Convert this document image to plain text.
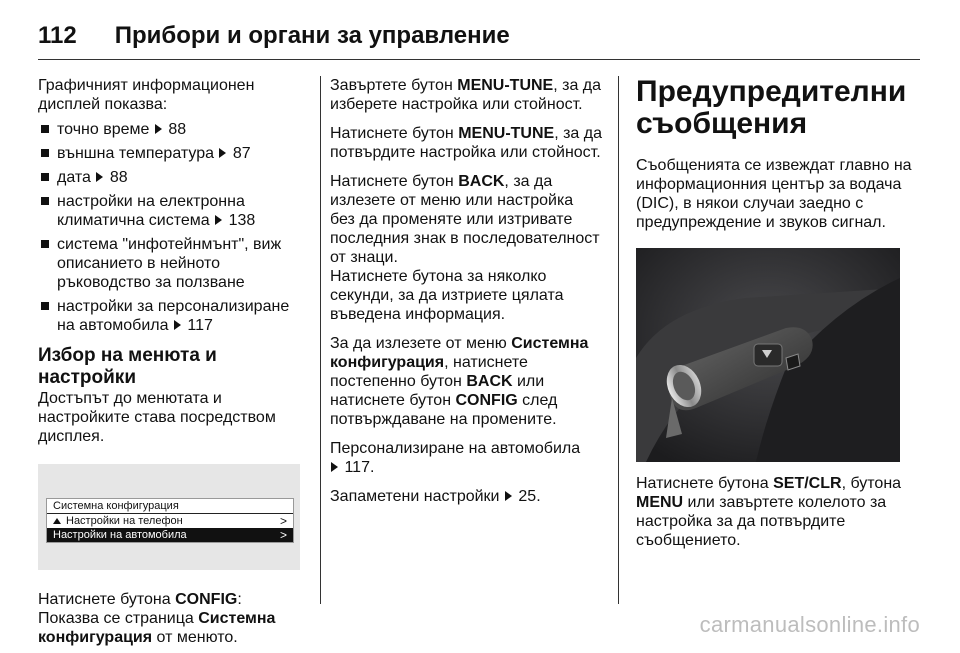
112 Прибори и органи за управление

Графичният информационен дисплей показва:

точно време 88
външна температура 87
дата 88
настройки на електронна климатична система 138
система "инфотейнмънт", виж описанието в нейното ръководство за ползване
настройки за персонализиране на автомобила 117
Избор на менюта и настройки

Достъпът до менютата и настройките става посредством дисплея.

Системна конфигурация
Настройки на телефон	>
Настройки на автомобила	>

Натиснете бутона CONFIG:
Показва се страница Системна конфигурация от менюто.

Завъртете бутон MENU-TUNE, за да изберете настройка или стойност.

Натиснете бутон MENU-TUNE, за да потвърдите настройка или стойност.

Натиснете бутон BACK, за да излезете от меню или настройка без да променяте или изтривате последния знак в последователност от знаци.

Натиснете бутона за няколко секунди, за да изтриете цялата въведена информация.

За да излезете от меню Системна конфигурация, натиснете постепенно бутон BACK или натиснете бутон CONFIG след потвърждаване на промените.

Персонализиране на автомобила
117.

Запаметени настройки 25.

Предупредителни съобщения

Съобщенията се извеждат главно на информационния център за водача (DIC), в някои случаи заедно с предупреждение и звуков сигнал.

Натиснете бутона SET/CLR, бутона MENU или завъртете колелото за настройка за да потвърдите съобщението.

carmanualsonline.info
